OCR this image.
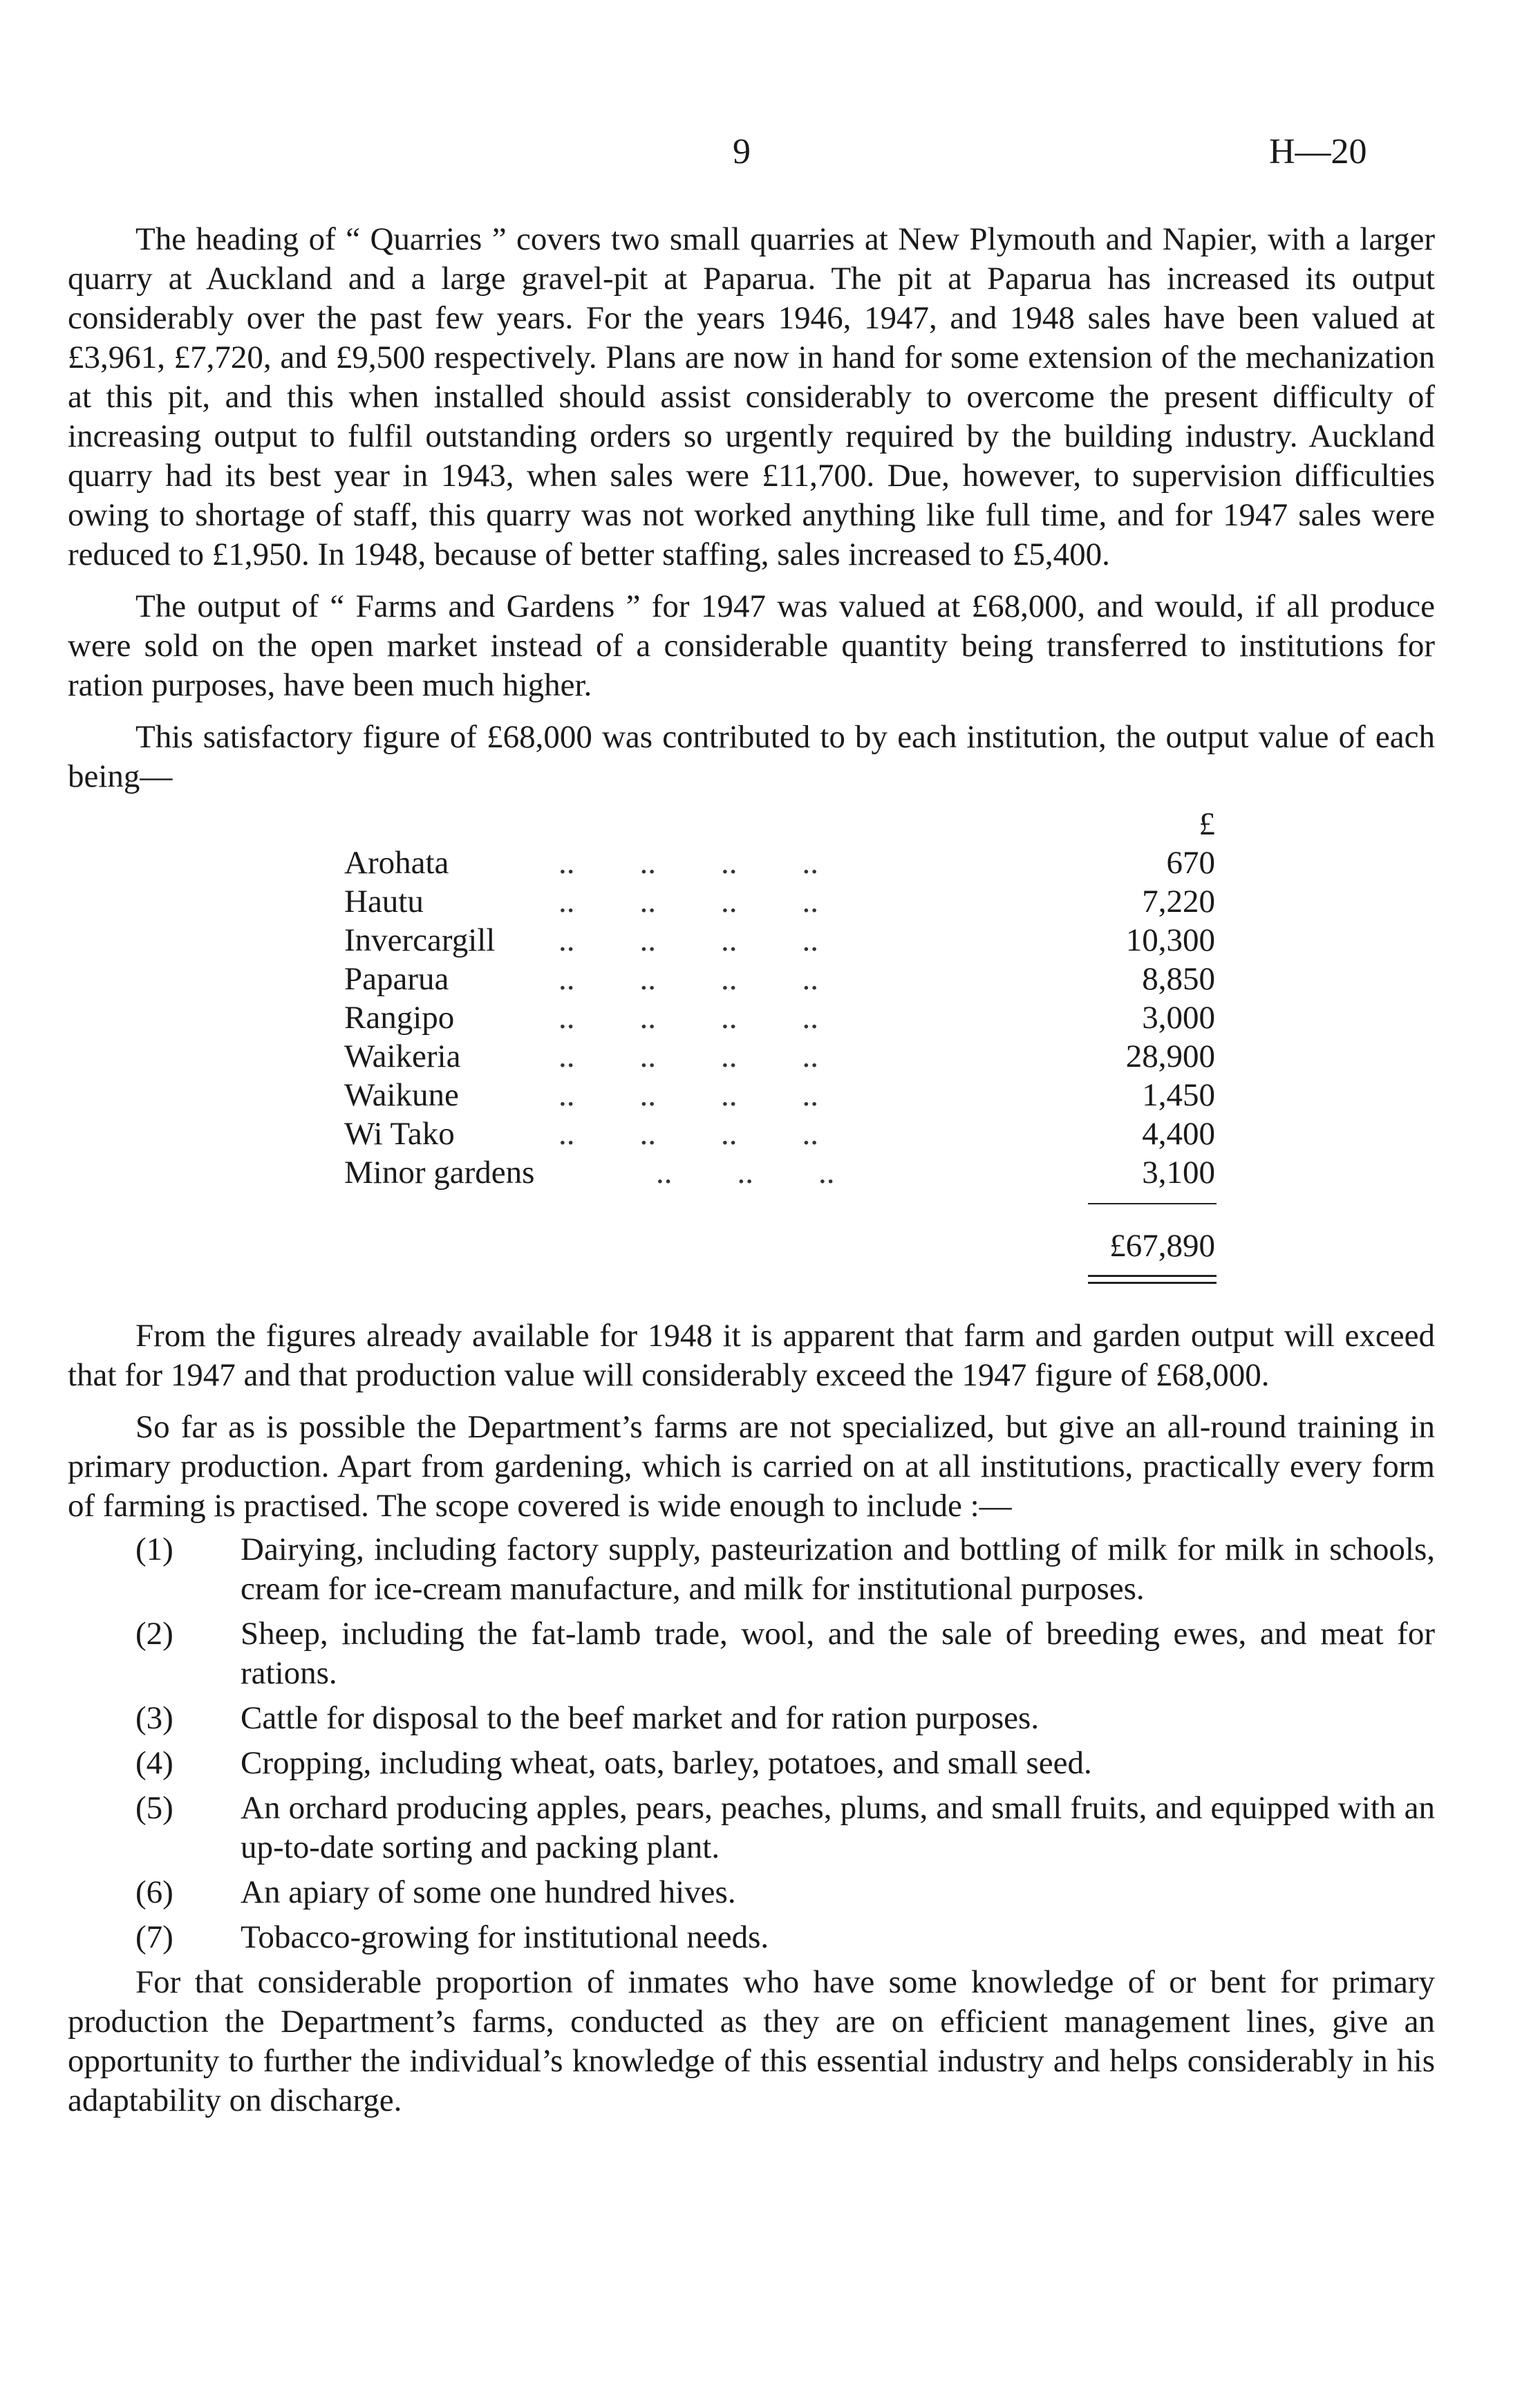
9	H—20

The heading of “ Quarries ” covers two small quarries at New Plymouth and Napier, with a larger quarry at Auckland and a large gravel-pit at Paparua. The pit at Paparua has increased its output considerably over the past few years. For the years 1946, 1947, and 1948 sales have been valued at £3,961, £7,720, and £9,500 respectively. Plans are now in hand for some extension of the mechanization at this pit, and this when installed should assist considerably to overcome the present difficulty of increasing output to fulfil outstanding orders so urgently required by the building industry. Auckland quarry had its best year in 1943, when sales were £11,700. Due, however, to supervision difficulties owing to shortage of staff, this quarry was not worked anything like full time, and for 1947 sales were reduced to £1,950. In 1948, because of better staffing, sales increased to £5,400.

The output of “ Farms and Gardens ” for 1947 was valued at £68,000, and would, if all produce were sold on the open market instead of a considerable quantity being transferred to institutions for ration purposes, have been much higher.

This satisfactory figure of £68,000 was contributed to by each institution, the output value of each being—

£
Arohata	..        ..        ..        ..	670
Hautu	..        ..        ..        ..	7,220
Invercargill ..        ..        ..        ..	10,300
Paparua	..        ..        ..        ..	8,850
Rangipo	..        ..        ..        ..	3,000
Waikeria	..        ..        ..        ..	28,900
Waikune	..        ..        ..        ..	1,450
Wi Tako	..        ..        ..        ..	4,400
Minor gardens ..        ..        ..	3,100
£67,890

From the figures already available for 1948 it is apparent that farm and garden output will exceed that for 1947 and that production value will considerably exceed the 1947 figure of £68,000.

So far as is possible the Department’s farms are not specialized, but give an all-round training in primary production. Apart from gardening, which is carried on at all institutions, practically every form of farming is practised. The scope covered is wide enough to include :—

(1) Dairying, including factory supply, pasteurization and bottling of milk for milk in schools, cream for ice-cream manufacture, and milk for institutional purposes.
(2) Sheep, including the fat-lamb trade, wool, and the sale of breeding ewes, and meat for rations.
(3) Cattle for disposal to the beef market and for ration purposes.
(4) Cropping, including wheat, oats, barley, potatoes, and small seed.
(5) An orchard producing apples, pears, peaches, plums, and small fruits, and equipped with an up-to-date sorting and packing plant.
(6) An apiary of some one hundred hives.
(7) Tobacco-growing for institutional needs.

For that considerable proportion of inmates who have some knowledge of or bent for primary production the Department’s farms, conducted as they are on efficient management lines, give an opportunity to further the individual’s knowledge of this essential industry and helps considerably in his adaptability on discharge.
